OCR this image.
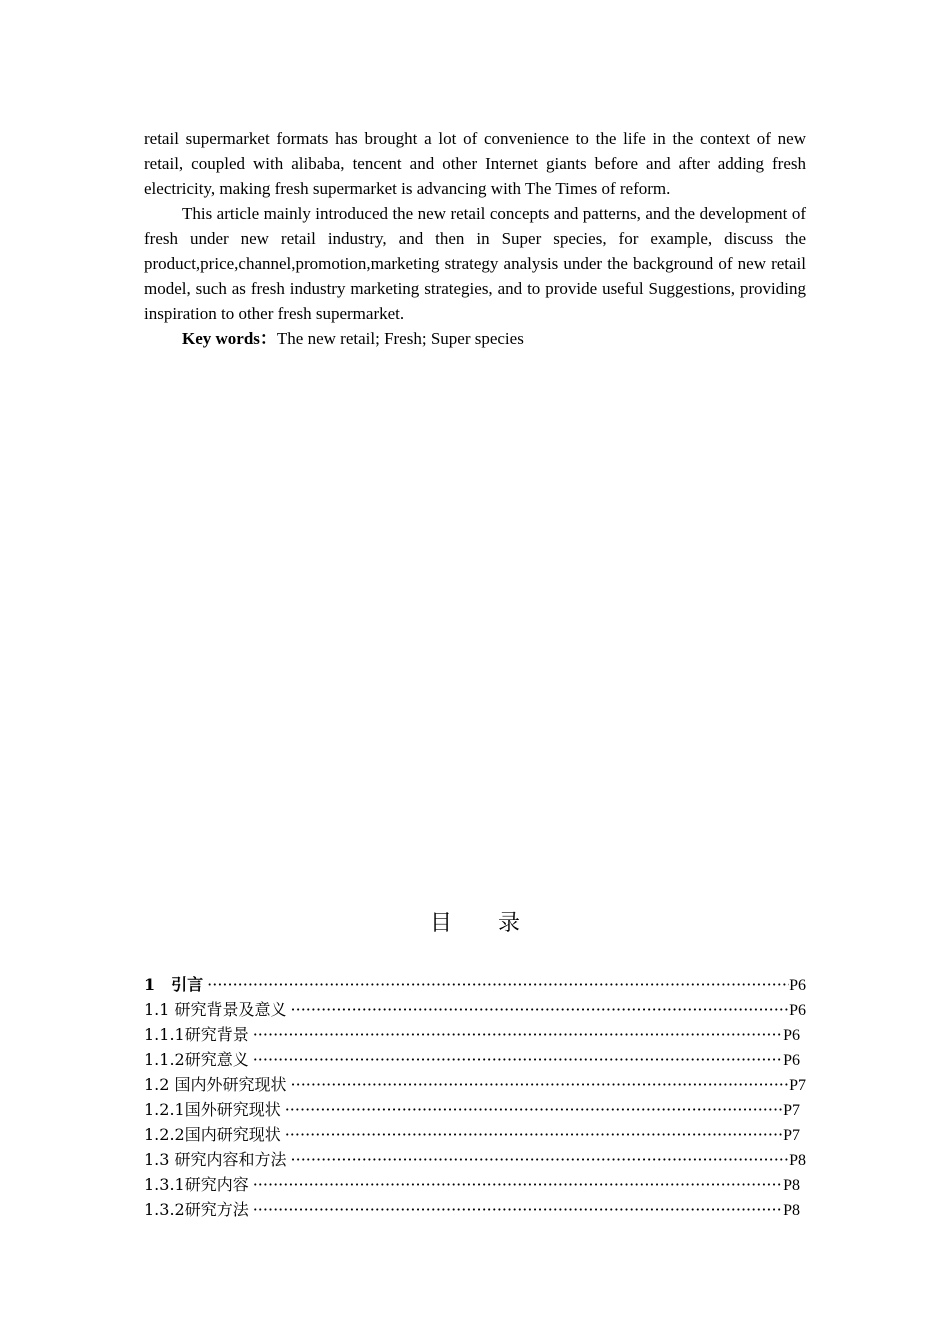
retail supermarket formats has brought a lot of convenience to the life in the context of new retail, coupled with alibaba, tencent and other Internet giants before and after adding fresh electricity, making fresh supermarket is advancing with The Times of reform.

This article mainly introduced the new retail concepts and patterns, and the development of fresh under new retail industry, and then in Super species, for example, discuss the product,price,channel,promotion,marketing strategy analysis under the background of new retail model, such as fresh industry marketing strategies, and to provide useful Suggestions, providing inspiration to other fresh supermarket.

Key words：The new retail; Fresh; Super species

目录
1　引言 ·····	P6
1.1 研究背景及意义 ·····	P6
1.1.1研究背景 ·····	P6
1.1.2研究意义 ·····	P6
1.2 国内外研究现状 ·····	P7
1.2.1国外研究现状 ·····	P7
1.2.2国内研究现状 ·····	P7
1.3 研究内容和方法 ·····	P8
1.3.1研究内容 ·····	P8
1.3.2研究方法 ·····	P8
